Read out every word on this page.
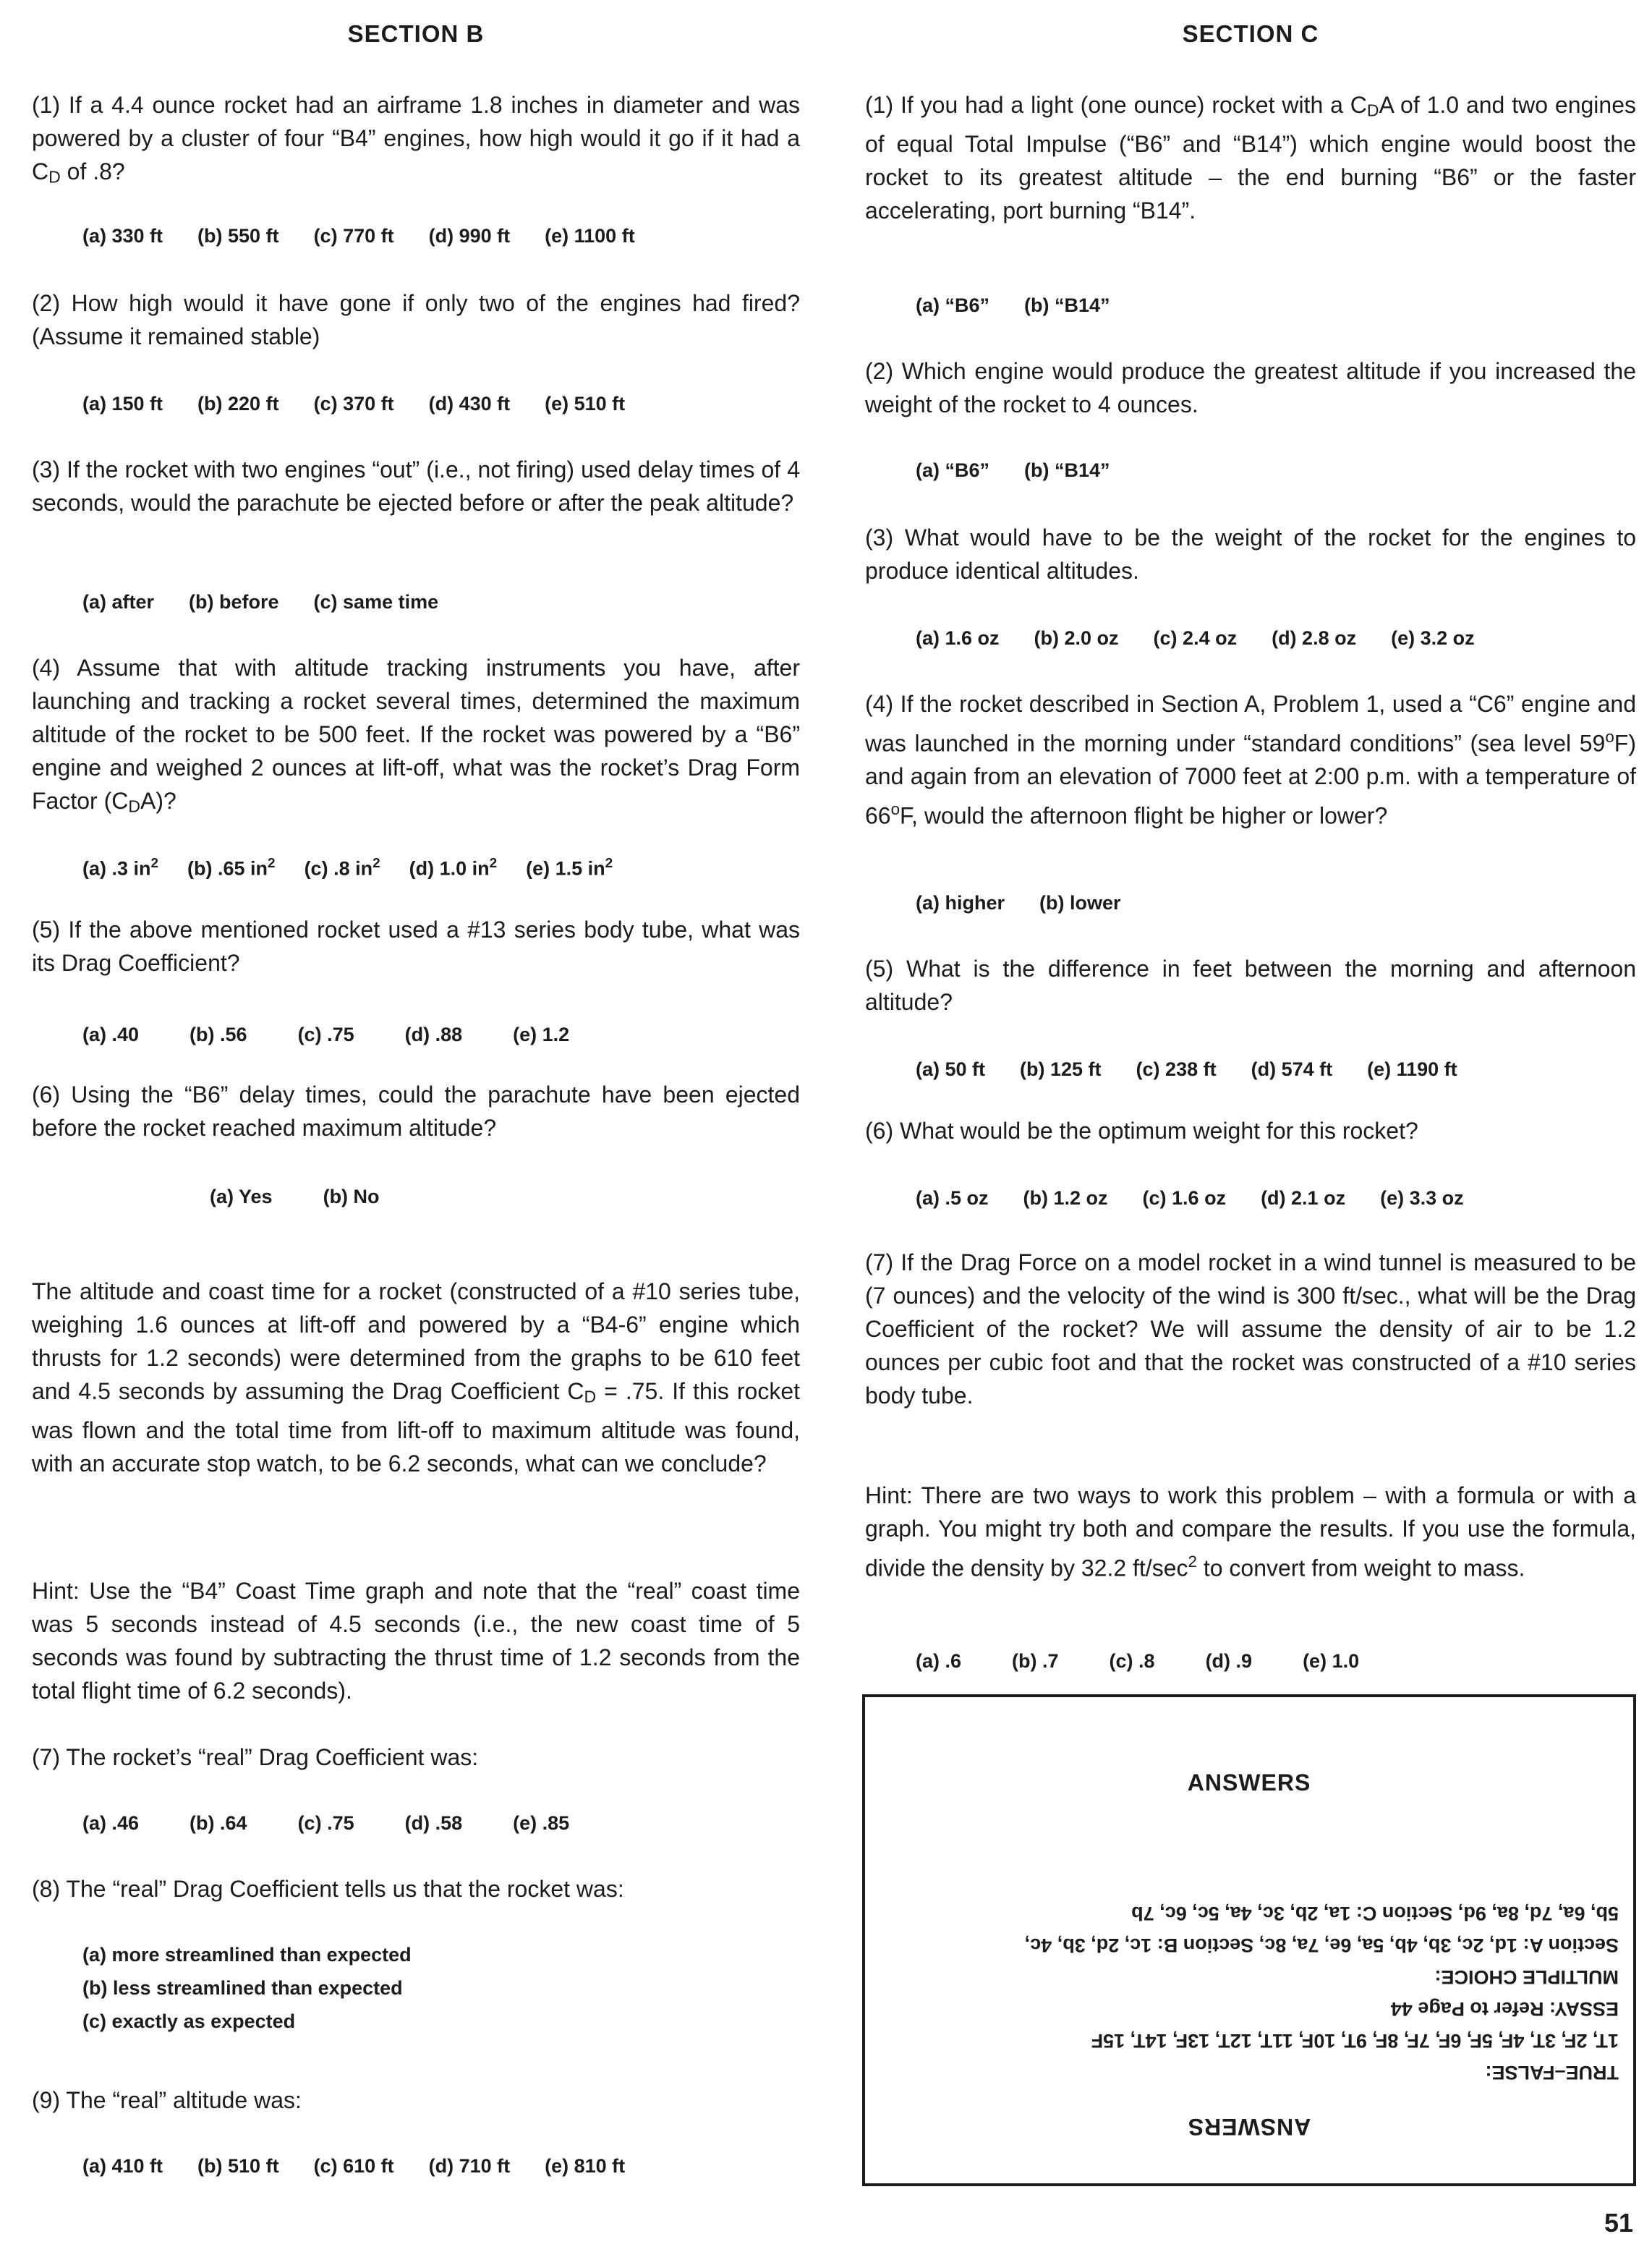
SECTION B
(1) If a 4.4 ounce rocket had an airframe 1.8 inches in diameter and was powered by a cluster of four “B4” engines, how high would it go if it had a $C_D$ of .8?
(a) 330 ft (b) 550 ft (c) 770 ft (d) 990 ft (e) 1100 ft
(2) How high would it have gone if only two of the engines had fired? (Assume it remained stable)
(a) 150 ft (b) 220 ft (c) 370 ft (d) 430 ft (e) 510 ft
(3) If the rocket with two engines “out” (i.e., not firing) used delay times of 4 seconds, would the parachute be ejected before or after the peak altitude?
(a) after (b) before (c) same time
(4) Assume that with altitude tracking instruments you have, after launching and tracking a rocket several times, determined the maximum altitude of the rocket to be 500 feet. If the rocket was powered by a “B6” engine and weighed 2 ounces at lift-off, what was the rocket’s Drag Form Factor $(C_DA)$?
(a) .3 $in^2$ (b) .65 $in^2$ (c) .8 $in^2$ (d) 1.0 $in^2$ (e) 1.5 $in^2$
(5) If the above mentioned rocket used a #13 series body tube, what was its Drag Coefficient?
(a) .40	(b) .56	(c) .75	(d) .88	(e) 1.2
(6) Using the “B6” delay times, could the parachute have been ejected before the rocket reached maximum altitude?
(a) Yes	(b) No
The altitude and coast time for a rocket (constructed of a #10 series tube, weighing 1.6 ounces at lift-off and powered by a “B4-6” engine which thrusts for 1.2 seconds) were determined from the graphs to be 610 feet and 4.5 seconds by assuming the Drag Coefficient $C_D = .75$. If this rocket was flown and the total time from lift-off to maximum altitude was found, with an accurate stop watch, to be 6.2 seconds, what can we conclude?
Hint: Use the “B4” Coast Time graph and note that the “real” coast time was 5 seconds instead of 4.5 seconds (i.e., the new coast time of 5 seconds was found by subtracting the thrust time of 1.2 seconds from the total flight time of 6.2 seconds).
(7) The rocket’s “real” Drag Coefficient was:
(a) .46	(b) .64	(c) .75	(d) .58	(e) .85
(8) The “real” Drag Coefficient tells us that the rocket was:
(a) more streamlined than expected
(b) less streamlined than expected
(c) exactly as expected
(9) The “real” altitude was:
(a) 410 ft (b) 510 ft (c) 610 ft (d) 710 ft (e) 810 ft
SECTION C
(1) If you had a light (one ounce) rocket with a $C_DA$ of 1.0 and two engines of equal Total Impulse (“B6” and “B14”) which engine would boost the rocket to its greatest altitude – the end burning “B6” or the faster accelerating, port burning “B14”.
(a) “B6” (b) “B14”
(2) Which engine would produce the greatest altitude if you increased the weight of the rocket to 4 ounces.
(a) “B6” (b) “B14”
(3) What would have to be the weight of the rocket for the engines to produce identical altitudes.
(a) 1.6 oz (b) 2.0 oz (c) 2.4 oz (d) 2.8 oz (e) 3.2 oz
(4) If the rocket described in Section A, Problem 1, used a “C6” engine and was launched in the morning under “standard conditions” (sea level 59$^o$F) and again from an elevation of 7000 feet at 2:00 p.m. with a temperature of 66$^o$F, would the afternoon flight be higher or lower?
(a) higher (b) lower
(5) What is the difference in feet between the morning and afternoon altitude?
(a) 50 ft (b) 125 ft (c) 238 ft (d) 574 ft (e) 1190 ft
(6) What would be the optimum weight for this rocket?
(a) .5 oz (b) 1.2 oz (c) 1.6 oz (d) 2.1 oz (e) 3.3 oz
(7) If the Drag Force on a model rocket in a wind tunnel is measured to be (7 ounces) and the velocity of the wind is 300 ft/sec., what will be the Drag Coefficient of the rocket? We will assume the density of air to be 1.2 ounces per cubic foot and that the rocket was constructed of a #10 series body tube.
Hint: There are two ways to work this problem – with a formula or with a graph. You might try both and compare the results. If you use the formula, divide the density by 32.2 $ft/\sec^2$ to convert from weight to mass.
(a) .6	(b) .7	(c) .8	(d) .9	(e) 1.0
ANSWERS
ANSWERS
TRUE–FALSE:
1T, 2F, 3T, 4F, 5F, 6F, 7F, 8F, 9T, 10F, 11T, 12T, 13F, 14T, 15F
ESSAY: Refer to Page 44
MULTIPLE CHOICE:
Section A: 1d, 2c, 3b, 4b, 5a, 6e, 7a, 8c, Section B: 1c, 2d, 3b, 4c,
5b, 6a, 7d, 8a, 9d, Section C: 1a, 2b, 3c, 4a, 5c, 6c, 7b
51
